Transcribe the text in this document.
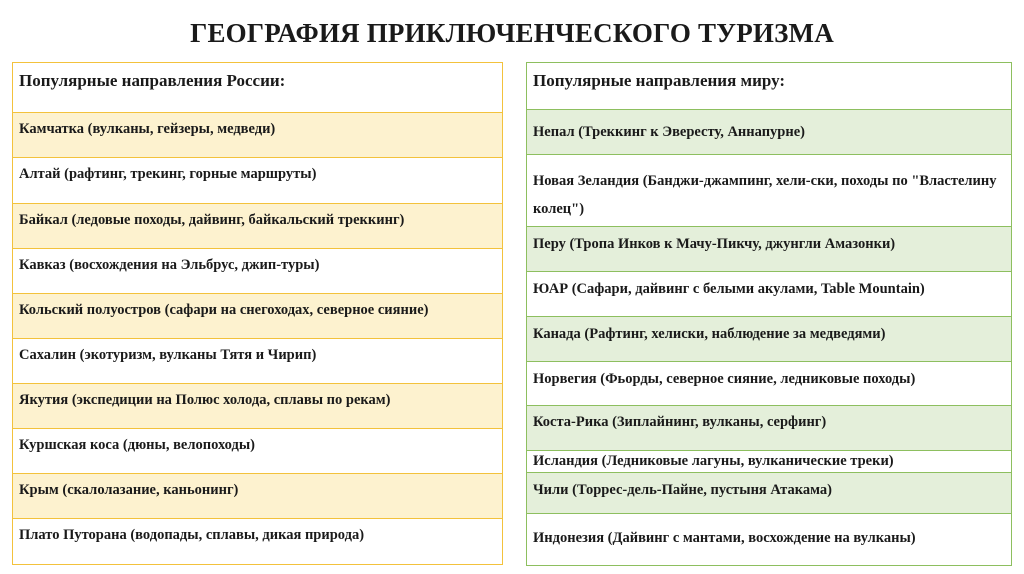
ГЕОГРАФИЯ ПРИКЛЮЧЕНЧЕСКОГО ТУРИЗМА
Популярные направления России:
Камчатка (вулканы, гейзеры, медведи)
Алтай (рафтинг, трекинг, горные маршруты)
Байкал (ледовые походы, дайвинг, байкальский треккинг)
Кавказ (восхождения на Эльбрус, джип-туры)
Кольский полуостров (сафари на снегоходах, северное сияние)
Сахалин (экотуризм, вулканы Тятя и Чирип)
Якутия (экспедиции на Полюс холода, сплавы по рекам)
Куршская коса (дюны, велопоходы)
Крым (скалолазание, каньонинг)
Плато Путорана (водопады, сплавы, дикая природа)
Популярные направления миру:
Непал (Треккинг к Эвересту, Аннапурне)
Новая Зеландия (Банджи-джампинг, хели-ски, походы по "Властелину колец")
Перу (Тропа Инков к Мачу-Пикчу, джунгли Амазонки)
ЮАР (Сафари, дайвинг с белыми акулами, Table Mountain)
Канада (Рафтинг, хелиски, наблюдение за медведями)
Норвегия (Фьорды, северное сияние, ледниковые походы)
Коста-Рика (Зиплайнинг, вулканы, серфинг)
Исландия (Ледниковые лагуны, вулканические треки)
Чили (Торрес-дель-Пайне, пустыня Атакама)
Индонезия (Дайвинг с мантами, восхождение на вулканы)
